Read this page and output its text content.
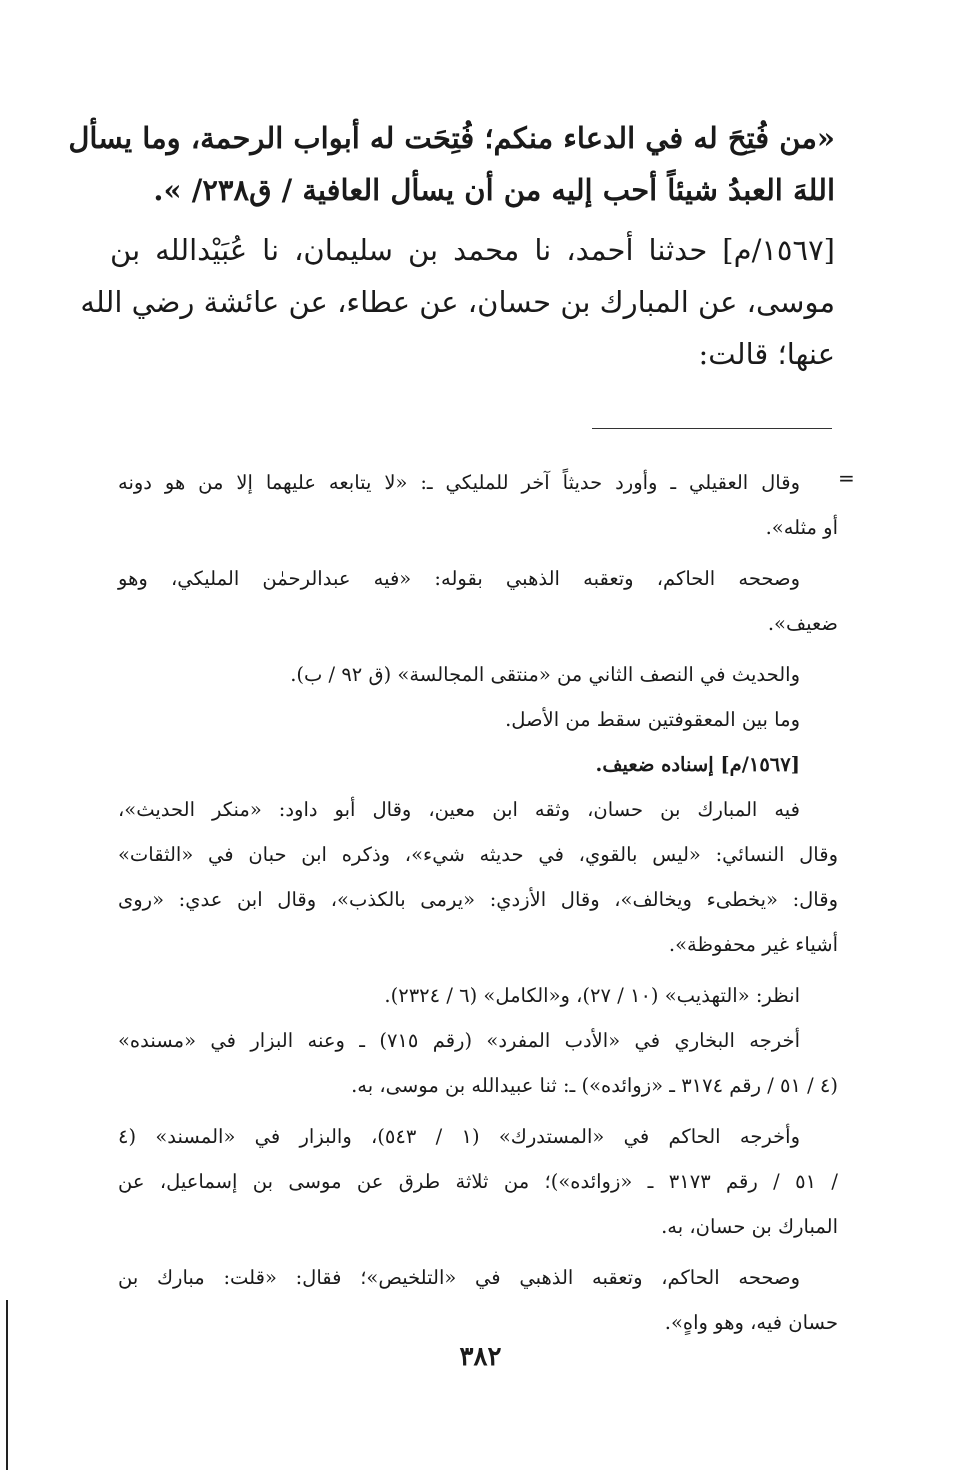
«من فُتِحَ له في الدعاء منكم؛ فُتِحَت له أبواب الرحمة، وما يسأل
اللهَ العبدُ شيئاً أحب إليه من أن يسأل العافية / ق٢٣٨/ ».
[١٥٦٧/م] حدثنا أحمد، نا محمد بن سليمان، نا عُبَيْدالله بن
موسى، عن المبارك بن حسان، عن عطاء، عن عائشة رضي الله
عنها؛ قالت:
=
وقال العقيلي ـ وأورد حديثاً آخر للمليكي ـ: «لا يتابعه عليهما إلا من هو دونه
أو مثله».
وصححه الحاكم، وتعقبه الذهبي بقوله: «فيه عبدالرحمٰن المليكي، وهو
ضعيف».
والحديث في النصف الثاني من «منتقى المجالسة» (ق ٩٢ / ب).
وما بين المعقوفتين سقط من الأصل.
[١٥٦٧/م] إسناده ضعيف.
فيه المبارك بن حسان، وثقه ابن معين، وقال أبو داود: «منكر الحديث»،
وقال النسائي: «ليس بالقوي، في حديثه شيء»، وذكره ابن حبان في «الثقات»
وقال: «يخطىء ويخالف»، وقال الأزدي: «يرمى بالكذب»، وقال ابن عدي: «روى
أشياء غير محفوظة».
انظر: «التهذيب» (١٠ / ٢٧)، و«الكامل» (٦ / ٢٣٢٤).
أخرجه البخاري في «الأدب المفرد» (رقم ٧١٥) ـ وعنه البزار في «مسنده»
(٤ / ٥١ / رقم ٣١٧٤ ـ «زوائده») ـ: ثنا عبيدالله بن موسى، به.
وأخرجه الحاكم في «المستدرك» (١ / ٥٤٣)، والبزار في «المسند» (٤
/ ٥١ / رقم ٣١٧٣ ـ «زوائده»)؛ من ثلاثة طرق عن موسى بن إسماعيل، عن
المبارك بن حسان، به.
وصححه الحاكم، وتعقبه الذهبي في «التلخيص»؛ فقال: «قلت: مبارك بن
حسان فيه، وهو واهٍ».
٣٨٢
